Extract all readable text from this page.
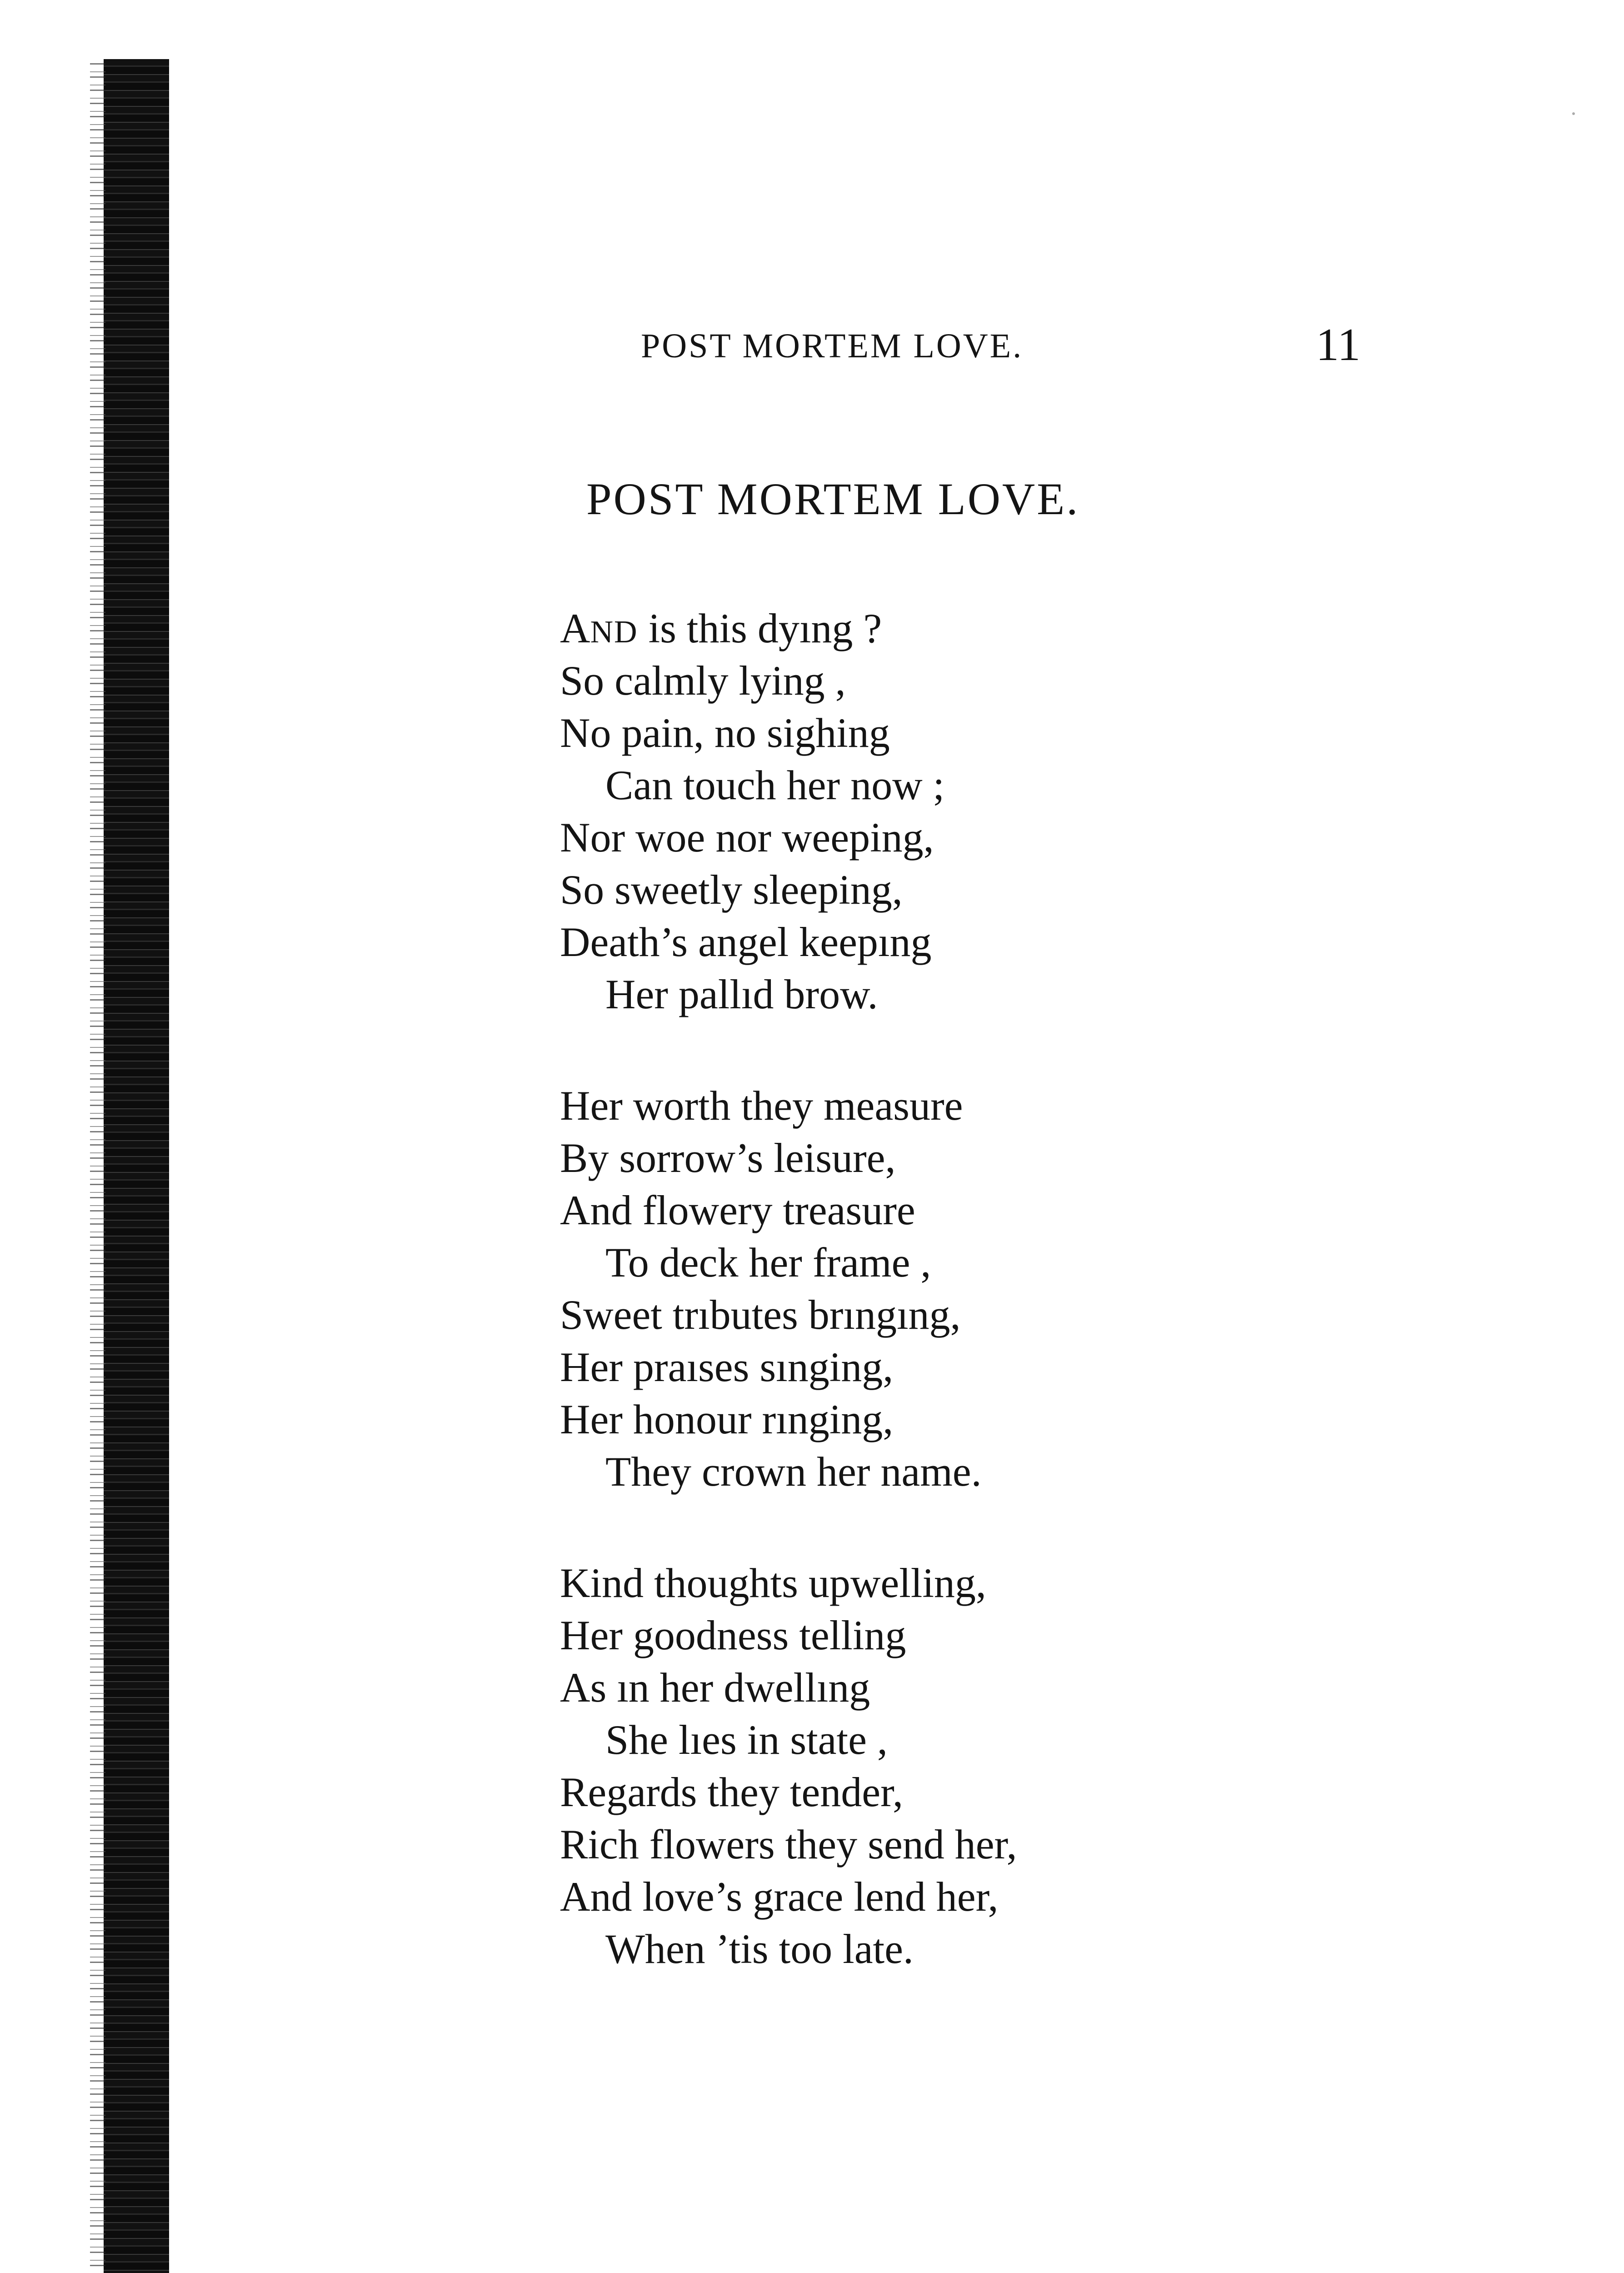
POST MORTEM LOVE.	11
POST MORTEM LOVE.
AND is this dyıng ?
So calmly lying ,
No pain, no sighing
Can touch her now ;
Nor woe nor weeping,
So sweetly sleeping,
Death’s angel keepıng
Her pallıd brow.
Her worth they measure
By sorrow’s leisure,
And flowery treasure
To deck her frame ,
Sweet trıbutes brıngıng,
Her praıses sınging,
Her honour rınging,
They crown her name.
Kind thoughts upwelling,
Her goodness telling
As ın her dwellıng
She lıes in state ,
Regards they tender,
Rich flowers they send her,
And love’s grace lend her,
When ’tis too late.
